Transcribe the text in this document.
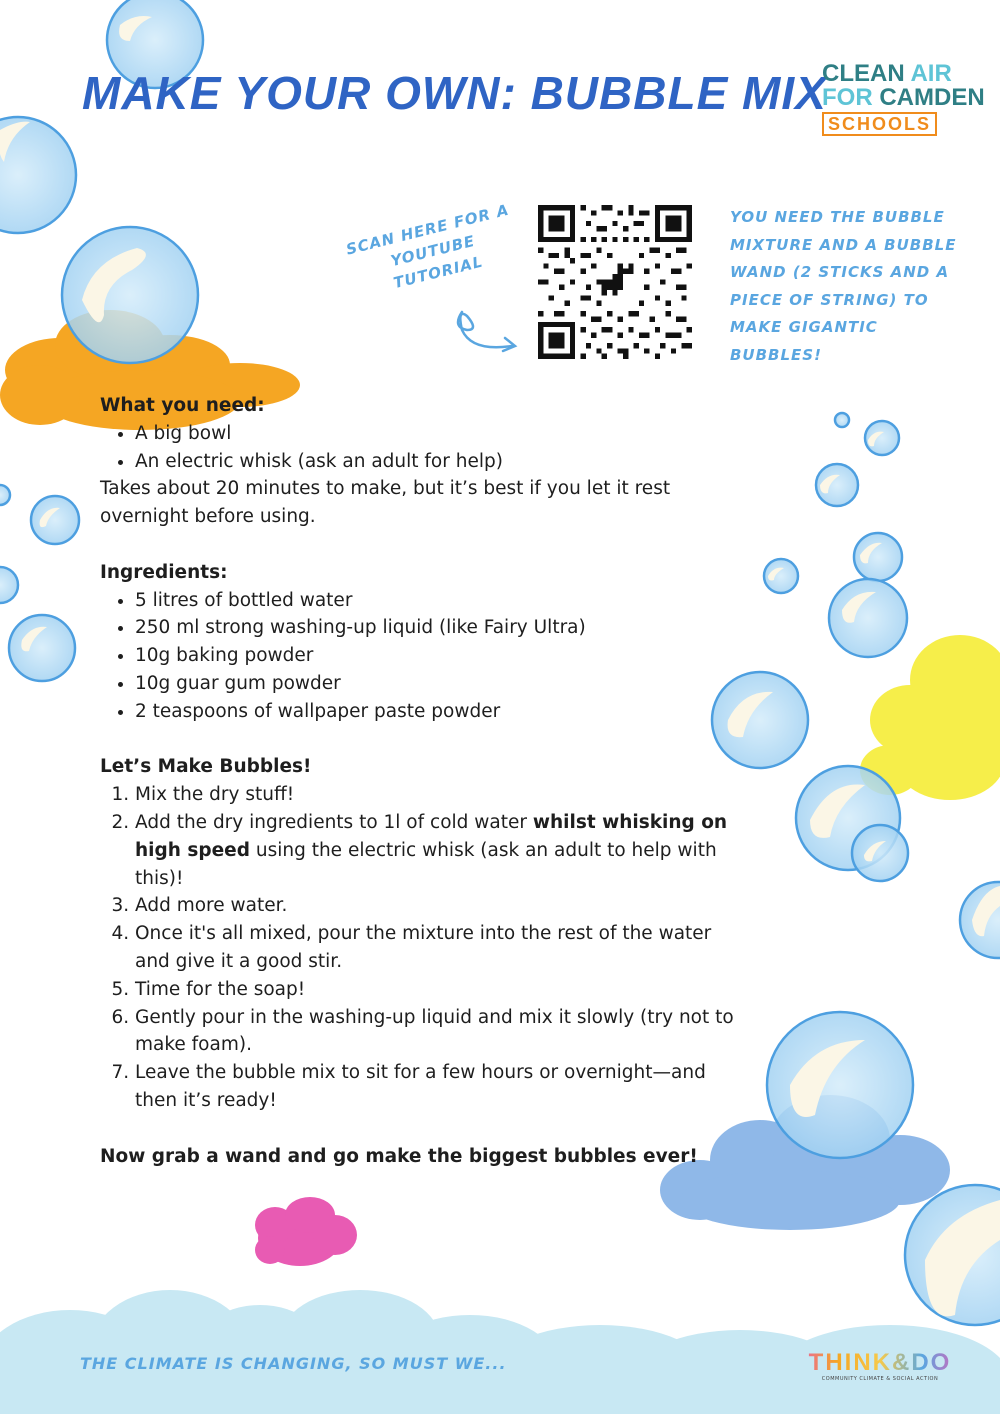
MAKE YOUR OWN: BUBBLE MIX
CLEAN AIR
FOR CAMDEN
SCHOOLS
SCAN HERE FOR A YOUTUBE TUTORIAL
YOU NEED THE BUBBLE MIXTURE AND A BUBBLE WAND (2 STICKS AND A PIECE OF STRING) TO MAKE GIGANTIC BUBBLES!
What you need:
• A big bowl
• An electric whisk (ask an adult for help)

Takes about 20 minutes to make, but it’s best if you let it rest overnight before using.

Ingredients:
• 5 litres of bottled water
• 250 ml strong washing-up liquid (like Fairy Ultra)
• 10g baking powder
• 10g guar gum powder
• 2 teaspoons of wallpaper paste powder
Let’s Make Bubbles!
1. Mix the dry stuff!
2. Add the dry ingredients to 1l of cold water whilst whisking on high speed using the electric whisk (ask an adult to help with this)!
3. Add more water.
4. Once it's all mixed, pour the mixture into the rest of the water and give it a good stir.
5. Time for the soap!
6. Gently pour in the washing-up liquid and mix it slowly (try not to make foam).
7. Leave the bubble mix to sit for a few hours or overnight—and then it’s ready!

Now grab a wand and go make the biggest bubbles ever!

THE CLIMATE IS CHANGING, SO MUST WE...	THINK&DO
COMMUNITY CLIMATE & SOCIAL ACTION
